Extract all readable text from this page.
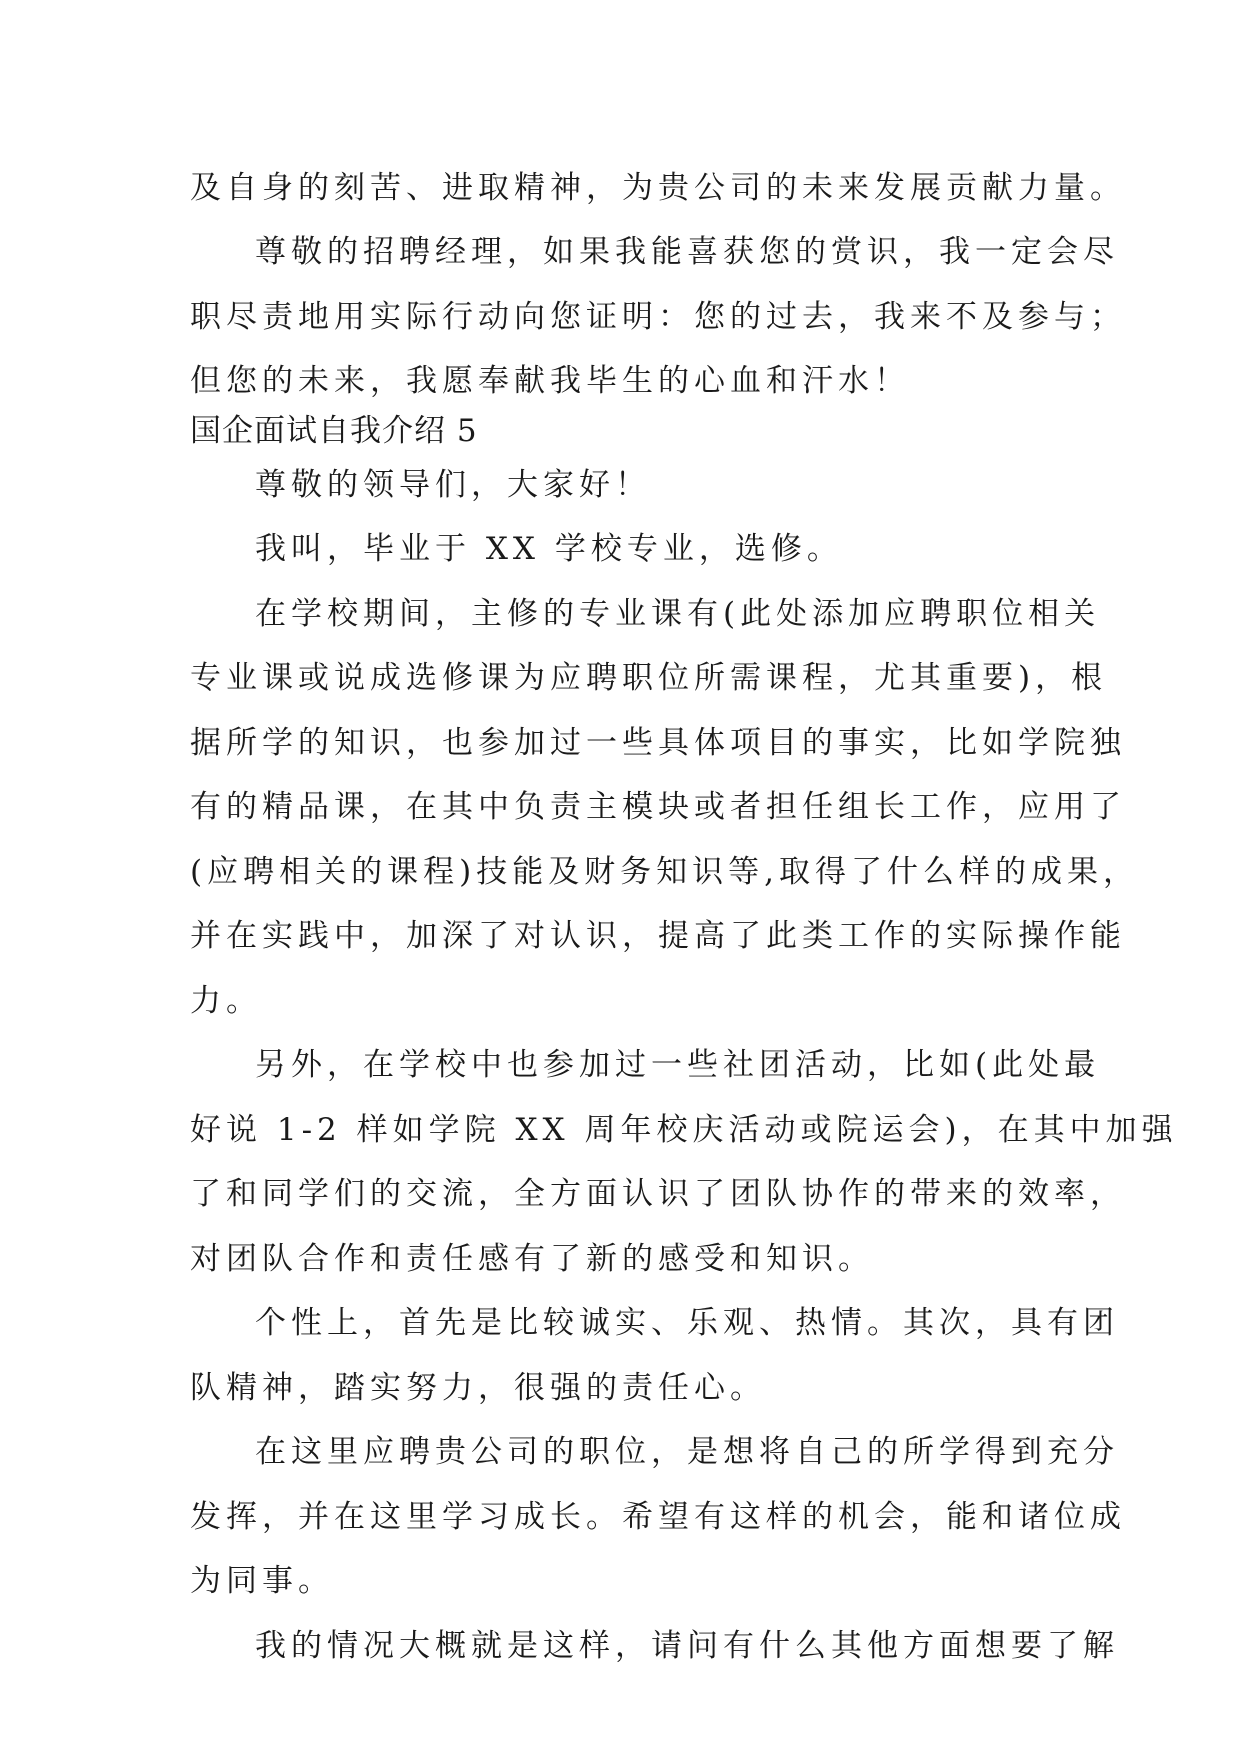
及自身的刻苦、进取精神，为贵公司的未来发展贡献力量。
尊敬的招聘经理，如果我能喜获您的赏识，我一定会尽
职尽责地用实际行动向您证明：您的过去，我来不及参与；
但您的未来，我愿奉献我毕生的心血和汗水！
国企面试自我介绍 5
尊敬的领导们，大家好！
我叫，毕业于 XX 学校专业，选修。
在学校期间，主修的专业课有(此处添加应聘职位相关
专业课或说成选修课为应聘职位所需课程，尤其重要)，根
据所学的知识，也参加过一些具体项目的事实，比如学院独
有的精品课，在其中负责主模块或者担任组长工作，应用了
(应聘相关的课程)技能及财务知识等,取得了什么样的成果，
并在实践中，加深了对认识，提高了此类工作的实际操作能
力。
另外，在学校中也参加过一些社团活动，比如(此处最
好说 1-2 样如学院 XX 周年校庆活动或院运会)，在其中加强
了和同学们的交流，全方面认识了团队协作的带来的效率，
对团队合作和责任感有了新的感受和知识。
个性上，首先是比较诚实、乐观、热情。其次，具有团
队精神，踏实努力，很强的责任心。
在这里应聘贵公司的职位，是想将自己的所学得到充分
发挥，并在这里学习成长。希望有这样的机会，能和诸位成
为同事。
我的情况大概就是这样，请问有什么其他方面想要了解
